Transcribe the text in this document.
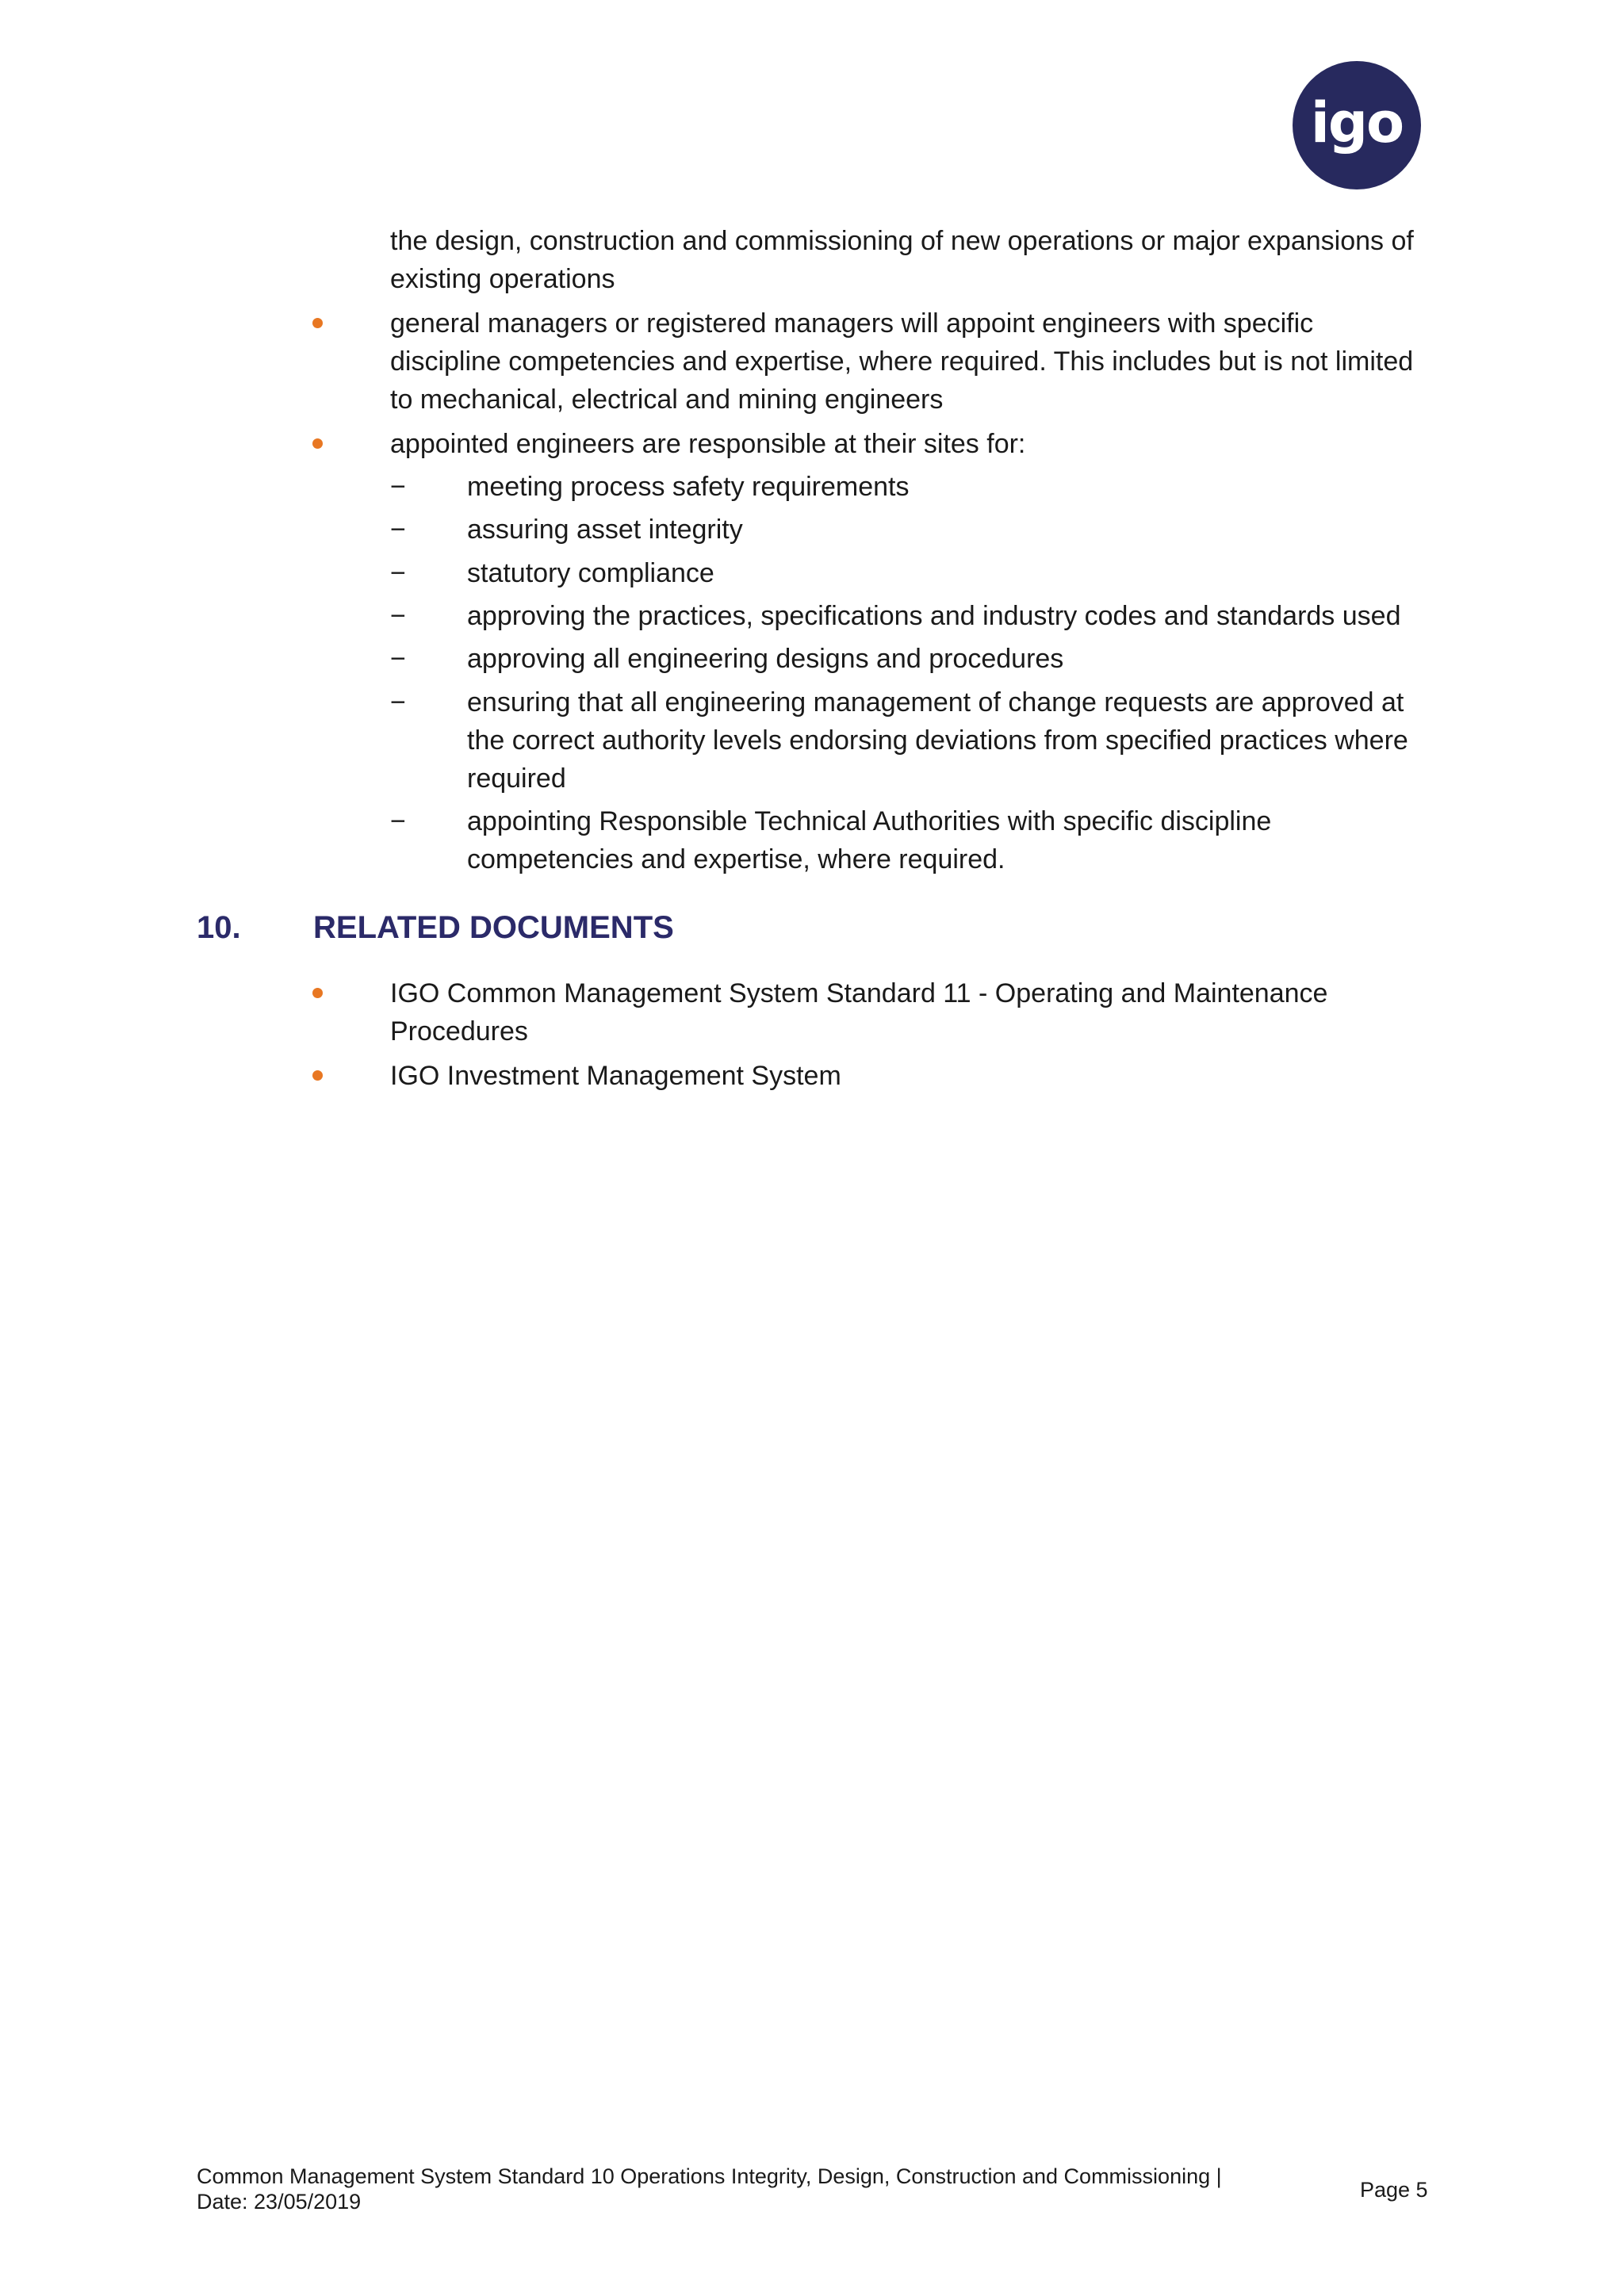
igo
the design, construction and commissioning of new operations or major expansions of
existing operations
general managers or registered managers will appoint engineers with specific
discipline competencies and expertise, where required. This includes but is not limited
to mechanical, electrical and mining engineers
appointed engineers are responsible at their sites for:
− meeting process safety requirements
− assuring asset integrity
− statutory compliance
− approving the practices, specifications and industry codes and standards used
− approving all engineering designs and procedures
− ensuring that all engineering management of change requests are approved at
the correct authority levels endorsing deviations from specified practices where
required
− appointing Responsible Technical Authorities with specific discipline
competencies and expertise, where required.
10. RELATED DOCUMENTS
IGO Common Management System Standard 11 - Operating and Maintenance
Procedures
IGO Investment Management System
Common Management System Standard 10 Operations Integrity, Design, Construction and Commissioning |
Date: 23/05/2019	Page 5
